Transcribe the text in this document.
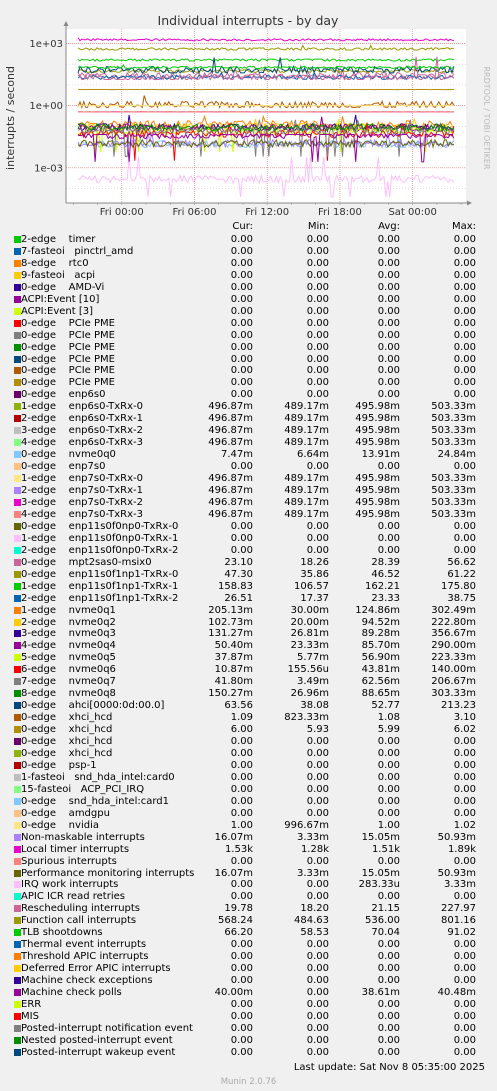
Individual interrupts - by day
interrupts / second	RRDTOOL / TOBI OETIKER
1e+03
1e+00
1e-03
Fri 00:00	Fri 06:00	Fri 12:00	Fri 18:00	Sat 00:00
Cur:	Min:	Avg:	Max:
2-edge    timer	0.00	0.00	0.00	0.00
7-fasteoi   pinctrl_amd	0.00	0.00	0.00	0.00
8-edge    rtc0	0.00	0.00	0.00	0.00
9-fasteoi   acpi	0.00	0.00	0.00	0.00
0-edge    AMD-Vi	0.00	0.00	0.00	0.00
ACPI:Event [10]	0.00	0.00	0.00	0.00
ACPI:Event [3]	0.00	0.00	0.00	0.00
0-edge    PCIe PME	0.00	0.00	0.00	0.00
0-edge    PCIe PME	0.00	0.00	0.00	0.00
0-edge    PCIe PME	0.00	0.00	0.00	0.00
0-edge    PCIe PME	0.00	0.00	0.00	0.00
0-edge    PCIe PME	0.00	0.00	0.00	0.00
0-edge    PCIe PME	0.00	0.00	0.00	0.00
0-edge    enp6s0	0.00	0.00	0.00	0.00
1-edge    enp6s0-TxRx-0	496.87m	489.17m	495.98m	503.33m
2-edge    enp6s0-TxRx-1	496.87m	489.17m	495.98m	503.33m
3-edge    enp6s0-TxRx-2	496.87m	489.17m	495.98m	503.33m
4-edge    enp6s0-TxRx-3	496.87m	489.17m	495.98m	503.33m
0-edge    nvme0q0	7.47m	6.64m	13.91m	24.84m
0-edge    enp7s0	0.00	0.00	0.00	0.00
1-edge    enp7s0-TxRx-0	496.87m	489.17m	495.98m	503.33m
2-edge    enp7s0-TxRx-1	496.87m	489.17m	495.98m	503.33m
3-edge    enp7s0-TxRx-2	496.87m	489.17m	495.98m	503.33m
4-edge    enp7s0-TxRx-3	496.87m	489.17m	495.98m	503.33m
0-edge    enp11s0f0np0-TxRx-0	0.00	0.00	0.00	0.00
1-edge    enp11s0f0np0-TxRx-1	0.00	0.00	0.00	0.00
2-edge    enp11s0f0np0-TxRx-2	0.00	0.00	0.00	0.00
0-edge    mpt2sas0-msix0	23.10	18.26	28.39	56.62
0-edge    enp11s0f1np1-TxRx-0	47.30	35.86	46.52	61.22
1-edge    enp11s0f1np1-TxRx-1	158.83	106.57	162.21	175.80
2-edge    enp11s0f1np1-TxRx-2	26.51	17.37	23.33	38.75
1-edge    nvme0q1	205.13m	30.00m	124.86m	302.49m
2-edge    nvme0q2	102.73m	20.00m	94.52m	222.80m
3-edge    nvme0q3	131.27m	26.81m	89.28m	356.67m
4-edge    nvme0q4	50.40m	23.33m	85.70m	290.00m
5-edge    nvme0q5	37.87m	5.77m	56.90m	223.33m
6-edge    nvme0q6	10.87m	155.56u	43.81m	140.00m
7-edge    nvme0q7	41.80m	3.49m	62.56m	206.67m
8-edge    nvme0q8	150.27m	26.96m	88.65m	303.33m
0-edge    ahci[0000:0d:00.0]	63.56	38.08	52.77	213.23
0-edge    xhci_hcd	1.09	823.33m	1.08	3.10
0-edge    xhci_hcd	6.00	5.93	5.99	6.02
0-edge    xhci_hcd	0.00	0.00	0.00	0.00
0-edge    xhci_hcd	0.00	0.00	0.00	0.00
0-edge    psp-1	0.00	0.00	0.00	0.00
1-fasteoi   snd_hda_intel:card0	0.00	0.00	0.00	0.00
15-fasteoi   ACP_PCI_IRQ	0.00	0.00	0.00	0.00
0-edge    snd_hda_intel:card1	0.00	0.00	0.00	0.00
0-edge    amdgpu	0.00	0.00	0.00	0.00
0-edge    nvidia	1.00	996.67m	1.00	1.02
Non-maskable interrupts	16.07m	3.33m	15.05m	50.93m
Local timer interrupts	1.53k	1.28k	1.51k	1.89k
Spurious interrupts	0.00	0.00	0.00	0.00
Performance monitoring interrupts	16.07m	3.33m	15.05m	50.93m
IRQ work interrupts	0.00	0.00	283.33u	3.33m
APIC ICR read retries	0.00	0.00	0.00	0.00
Rescheduling interrupts	19.78	18.20	21.15	227.97
Function call interrupts	568.24	484.63	536.00	801.16
TLB shootdowns	66.20	58.53	70.04	91.02
Thermal event interrupts	0.00	0.00	0.00	0.00
Threshold APIC interrupts	0.00	0.00	0.00	0.00
Deferred Error APIC interrupts	0.00	0.00	0.00	0.00
Machine check exceptions	0.00	0.00	0.00	0.00
Machine check polls	40.00m	0.00	38.61m	40.48m
ERR	0.00	0.00	0.00	0.00
MIS	0.00	0.00	0.00	0.00
Posted-interrupt notification event	0.00	0.00	0.00	0.00
Nested posted-interrupt event	0.00	0.00	0.00	0.00
Posted-interrupt wakeup event	0.00	0.00	0.00	0.00
Last update: Sat Nov 8 05:35:00 2025
Munin 2.0.76
